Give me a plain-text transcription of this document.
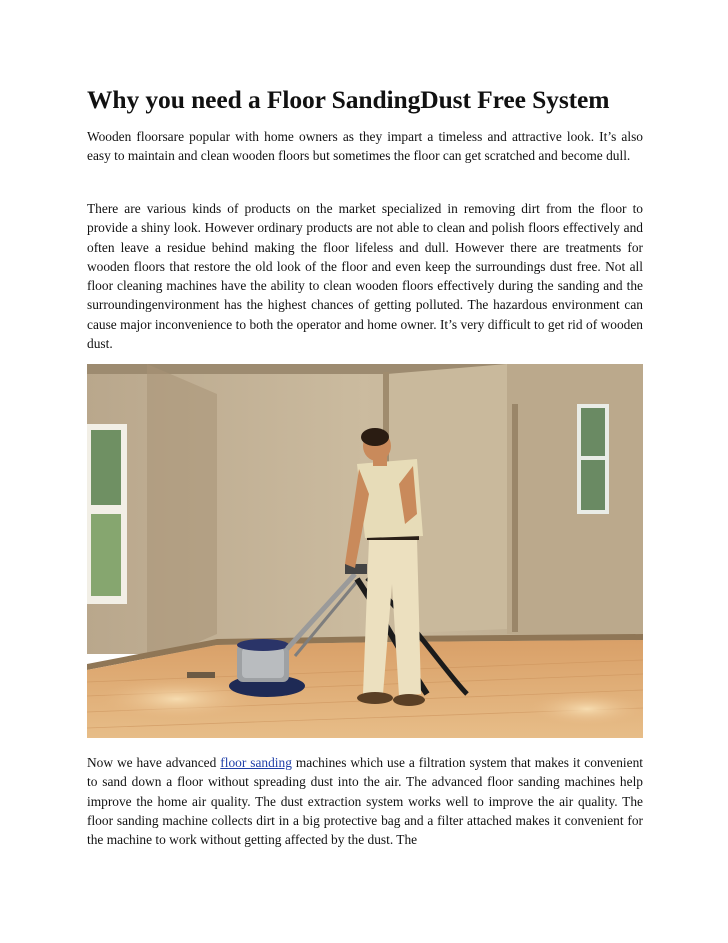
Why you need a Floor SandingDust Free System

Wooden floorsare popular with home owners as they impart a timeless and attractive look. It’s also easy to maintain and clean wooden floors but sometimes the floor can get scratched and become dull.

There are various kinds of products on the market specialized in removing dirt from the floor to provide a shiny look. However ordinary products are not able to clean and polish floors effectively and often leave a residue behind making the floor lifeless and dull. However there are treatments for wooden floors that restore the old look of the floor and even keep the surroundings dust free. Not all floor cleaning machines have the ability to clean wooden floors effectively during the sanding and the surroundingenvironment has the highest chances of getting polluted. The hazardous environment can cause major inconvenience to both the operator and home owner. It’s very difficult to get rid of wooden dust.

Now we have advanced floor sanding machines which use a filtration system that makes it convenient to sand down a floor without spreading dust into the air. The advanced floor sanding machines help improve the home air quality. The dust extraction system works well to improve the air quality. The floor sanding machine collects dirt in a big protective bag and a filter attached makes it convenient for the machine to work without getting affected by the dust. The
